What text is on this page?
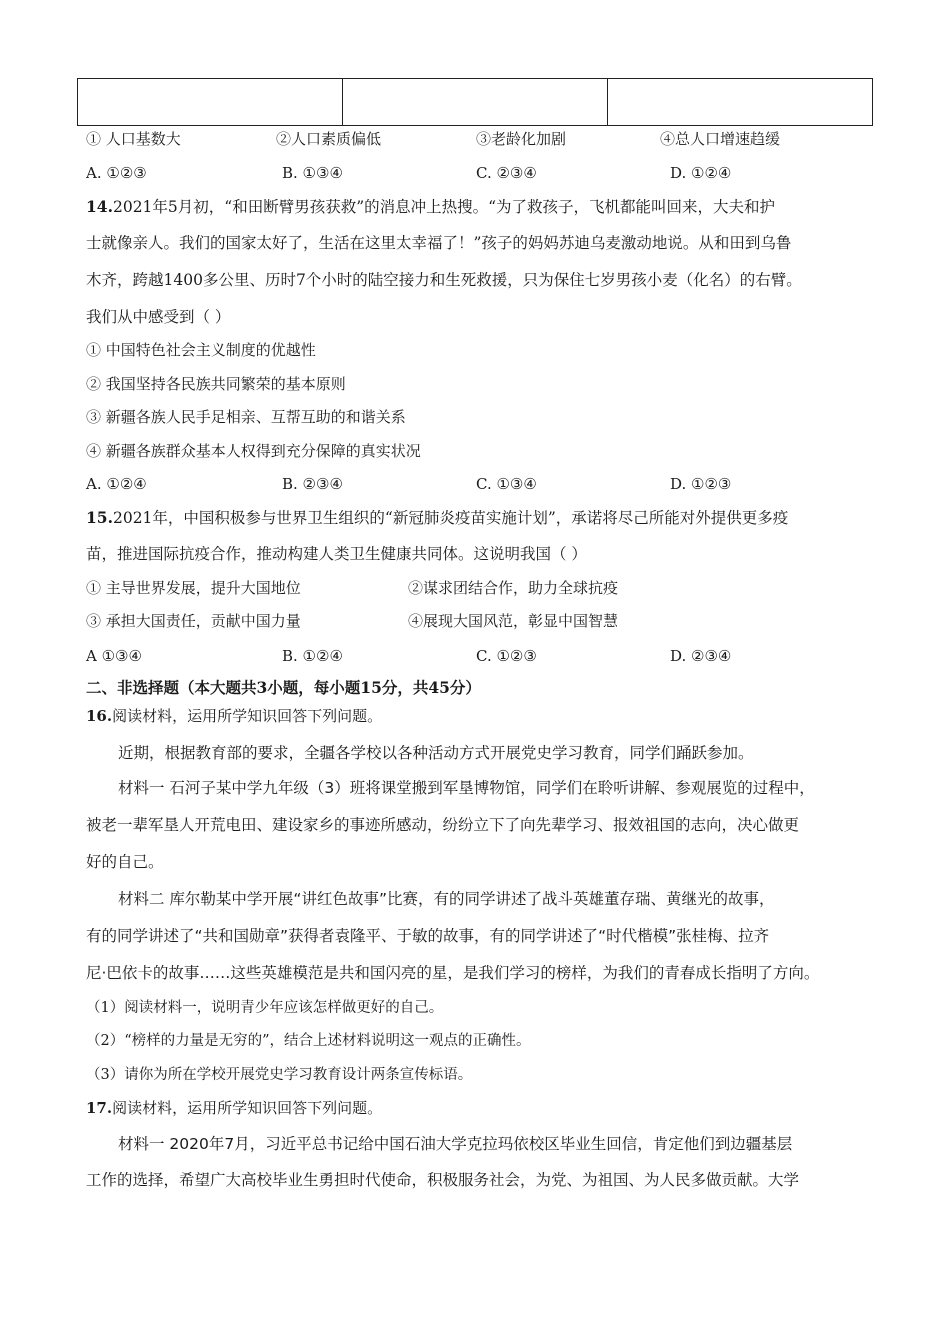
① 人口基数大	②人口素质偏低	③老龄化加剧	④总人口增速趋缓
A. ①②③	B. ①③④	C. ②③④	D. ①②④
14.2021年5月初，“和田断臂男孩获救”的消息冲上热搜。“为了救孩子，飞机都能叫回来，大夫和护
士就像亲人。我们的国家太好了，生活在这里太幸福了！”孩子的妈妈苏迪乌麦激动地说。从和田到乌鲁
木齐，跨越1400多公里、历时7个小时的陆空接力和生死救援，只为保住七岁男孩小麦（化名）的右臂。
我们从中感受到（ ）
① 中国特色社会主义制度的优越性
② 我国坚持各民族共同繁荣的基本原则
③ 新疆各族人民手足相亲、互帮互助的和谐关系
④ 新疆各族群众基本人权得到充分保障的真实状况
A. ①②④	B. ②③④	C. ①③④	D. ①②③
15.2021年，中国积极参与世界卫生组织的“新冠肺炎疫苗实施计划”，承诺将尽己所能对外提供更多疫
苗，推进国际抗疫合作，推动构建人类卫生健康共同体。这说明我国（ ）
① 主导世界发展，提升大国地位	②谋求团结合作，助力全球抗疫
③ 承担大国责任，贡献中国力量	④展现大国风范，彰显中国智慧
A ①③④	B. ①②④	C. ①②③	D. ②③④
二、非选择题（本大题共3小题，每小题15分，共45分）
16.阅读材料，运用所学知识回答下列问题。
近期，根据教育部的要求，全疆各学校以各种活动方式开展党史学习教育，同学们踊跃参加。
材料一 石河子某中学九年级（3）班将课堂搬到军垦博物馆，同学们在聆听讲解、参观展览的过程中，
被老一辈军垦人开荒电田、建设家乡的事迹所感动，纷纷立下了向先辈学习、报效祖国的志向，决心做更
好的自己。
材料二 库尔勒某中学开展“讲红色故事”比赛，有的同学讲述了战斗英雄董存瑞、黄继光的故事，
有的同学讲述了“共和国勋章”获得者袁隆平、于敏的故事，有的同学讲述了“时代楷模”张桂梅、拉齐
尼·巴依卡的故事……这些英雄模范是共和国闪亮的星，是我们学习的榜样，为我们的青春成长指明了方向。
（1）阅读材料一，说明青少年应该怎样做更好的自己。
（2）“榜样的力量是无穷的”，结合上述材料说明这一观点的正确性。
（3）请你为所在学校开展党史学习教育设计两条宣传标语。
17.阅读材料，运用所学知识回答下列问题。
材料一 2020年7月，习近平总书记给中国石油大学克拉玛依校区毕业生回信，肯定他们到边疆基层
工作的选择，希望广大高校毕业生勇担时代使命，积极服务社会，为党、为祖国、为人民多做贡献。大学
